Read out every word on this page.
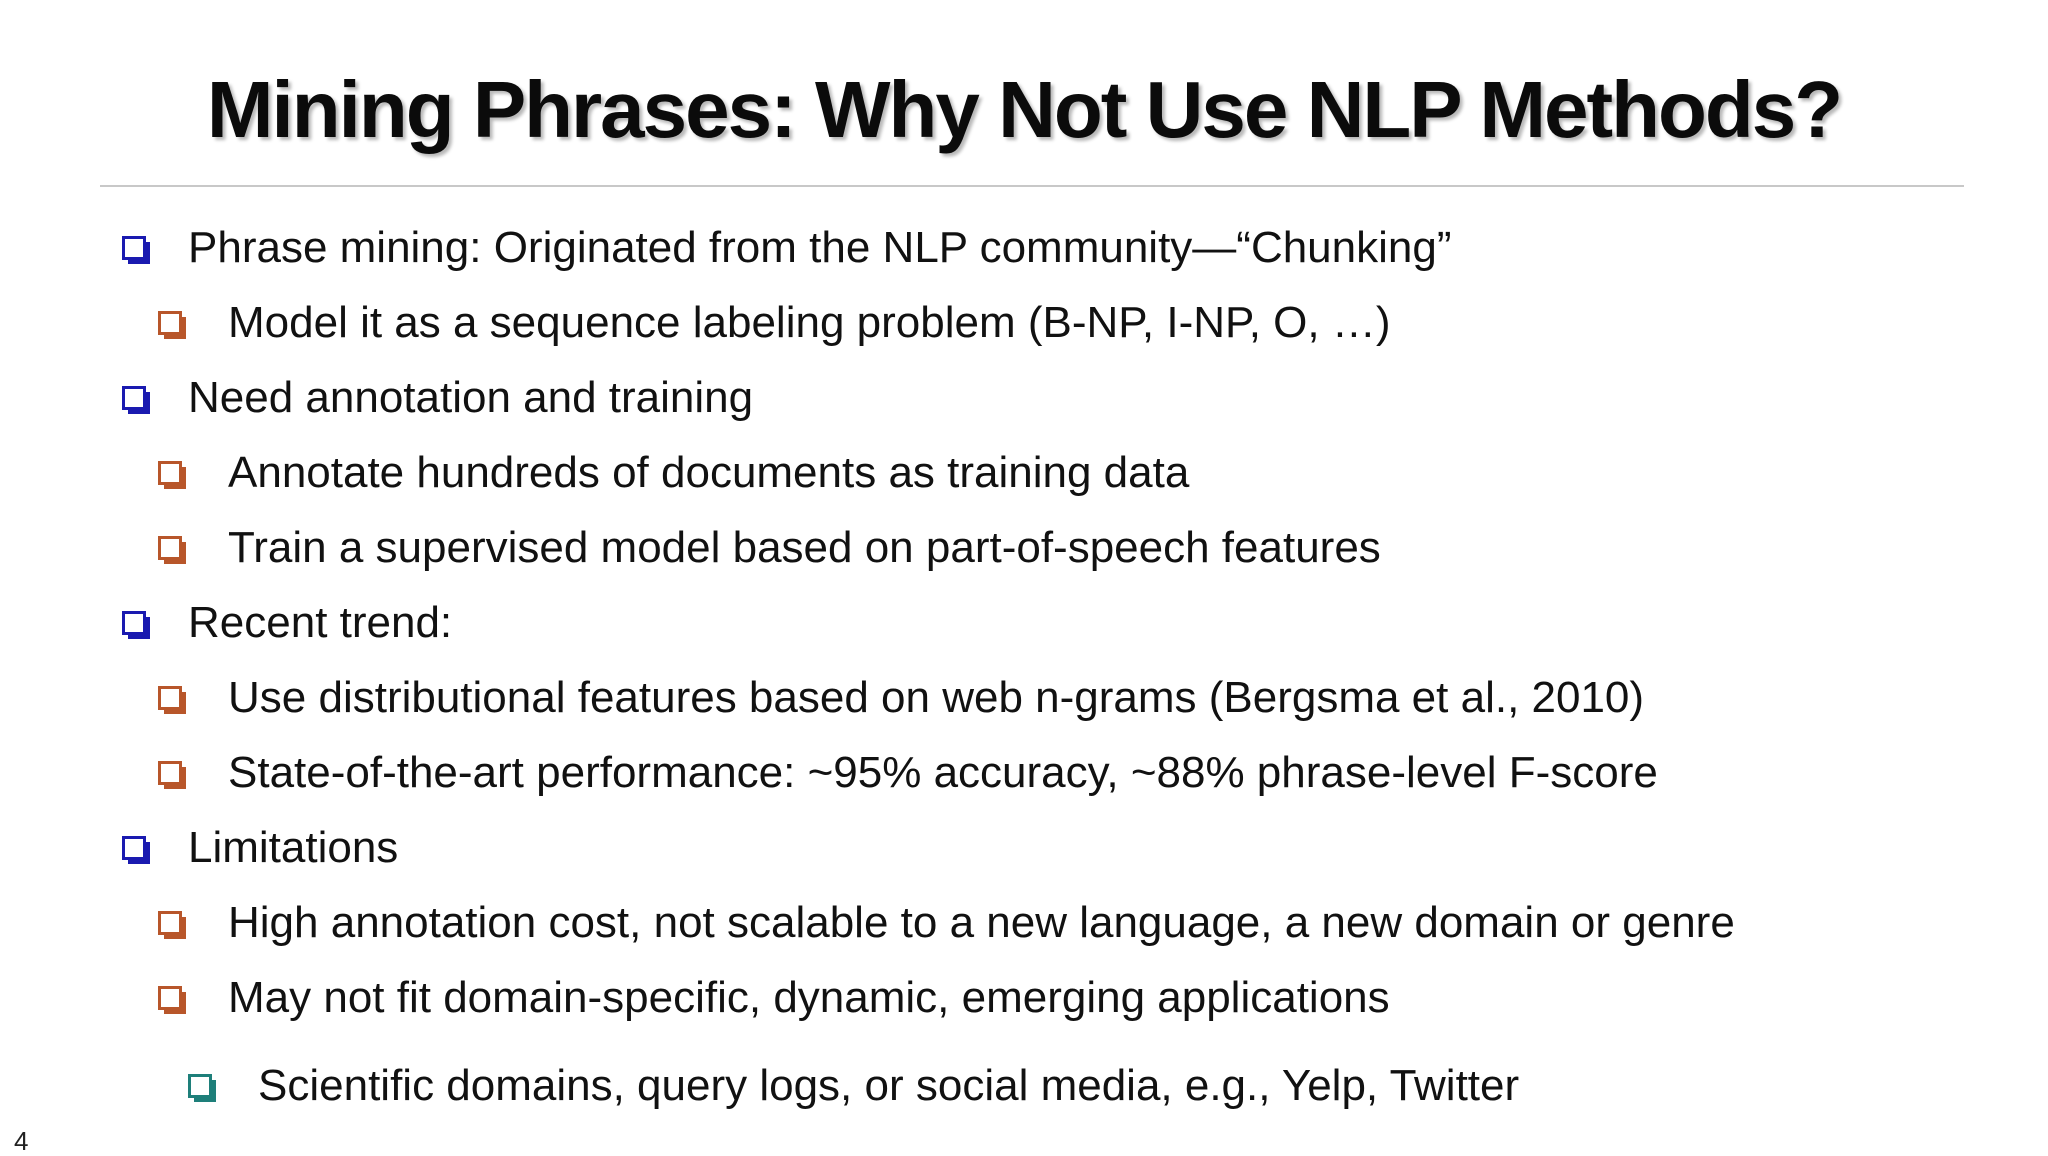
Mining Phrases: Why Not Use NLP Methods?
Phrase mining: Originated from the NLP community—“Chunking”
Model it as a sequence labeling problem (B-NP, I-NP, O, …)
Need annotation and training
Annotate hundreds of documents as training data
Train a supervised model based on part-of-speech features
Recent trend:
Use distributional features based on web n-grams (Bergsma et al., 2010)
State-of-the-art performance: ~95% accuracy, ~88% phrase-level F-score
Limitations
High annotation cost, not scalable to a new language, a new domain or genre
May not fit domain-specific, dynamic, emerging applications
Scientific domains, query logs, or social media, e.g., Yelp, Twitter
4
